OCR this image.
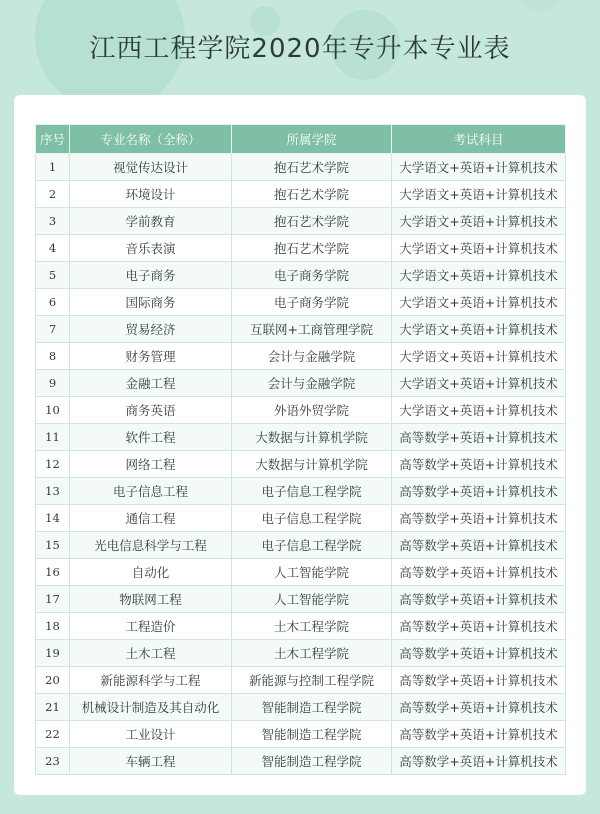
江西工程学院2020年专升本专业表
序号	专业名称（全称）	所属学院	考试科目
1	视觉传达设计	抱石艺术学院	大学语文+英语+计算机技术
2	环境设计	抱石艺术学院	大学语文+英语+计算机技术
3	学前教育	抱石艺术学院	大学语文+英语+计算机技术
4	音乐表演	抱石艺术学院	大学语文+英语+计算机技术
5	电子商务	电子商务学院	大学语文+英语+计算机技术
6	国际商务	电子商务学院	大学语文+英语+计算机技术
7	贸易经济	互联网+工商管理学院	大学语文+英语+计算机技术
8	财务管理	会计与金融学院	大学语文+英语+计算机技术
9	金融工程	会计与金融学院	大学语文+英语+计算机技术
10	商务英语	外语外贸学院	大学语文+英语+计算机技术
11	软件工程	大数据与计算机学院	高等数学+英语+计算机技术
12	网络工程	大数据与计算机学院	高等数学+英语+计算机技术
13	电子信息工程	电子信息工程学院	高等数学+英语+计算机技术
14	通信工程	电子信息工程学院	高等数学+英语+计算机技术
15	光电信息科学与工程	电子信息工程学院	高等数学+英语+计算机技术
16	自动化	人工智能学院	高等数学+英语+计算机技术
17	物联网工程	人工智能学院	高等数学+英语+计算机技术
18	工程造价	土木工程学院	高等数学+英语+计算机技术
19	土木工程	土木工程学院	高等数学+英语+计算机技术
20	新能源科学与工程	新能源与控制工程学院	高等数学+英语+计算机技术
21	机械设计制造及其自动化	智能制造工程学院	高等数学+英语+计算机技术
22	工业设计	智能制造工程学院	高等数学+英语+计算机技术
23	车辆工程	智能制造工程学院	高等数学+英语+计算机技术
